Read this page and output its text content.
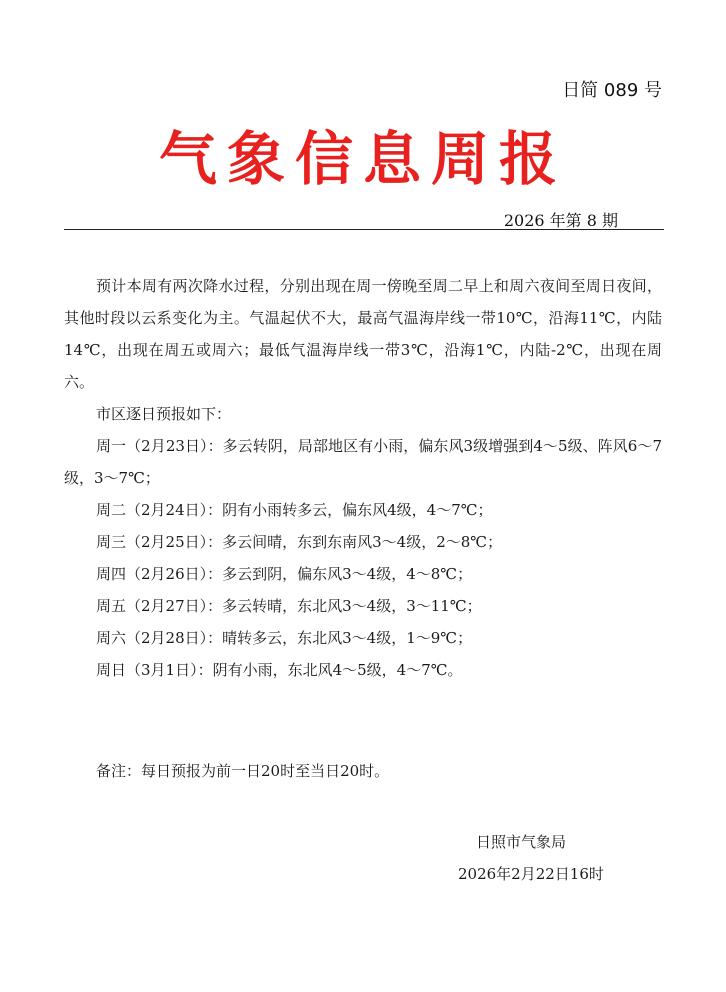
日简 089 号
气象信息周报
2026 年第 8 期

预计本周有两次降水过程，分别出现在周一傍晚至周二早上和周六夜间至周日夜间，其他时段以云系变化为主。气温起伏不大，最高气温海岸线一带10℃，沿海11℃，内陆14℃，出现在周五或周六；最低气温海岸线一带3℃，沿海1℃，内陆-2℃，出现在周六。

市区逐日预报如下：

周一（2月23日）：多云转阴，局部地区有小雨，偏东风3级增强到4～5级、阵风6～7级，3～7℃；
周二（2月24日）：阴有小雨转多云，偏东风4级，4～7℃；
周三（2月25日）：多云间晴，东到东南风3～4级，2～8℃；
周四（2月26日）：多云到阴，偏东风3～4级，4～8℃；
周五（2月27日）：多云转晴，东北风3～4级，3～11℃；
周六（2月28日）：晴转多云，东北风3～4级，1～9℃；
周日（3月1日）：阴有小雨，东北风4～5级，4～7℃。
备注：每日预报为前一日20时至当日20时。
日照市气象局
2026年2月22日16时
